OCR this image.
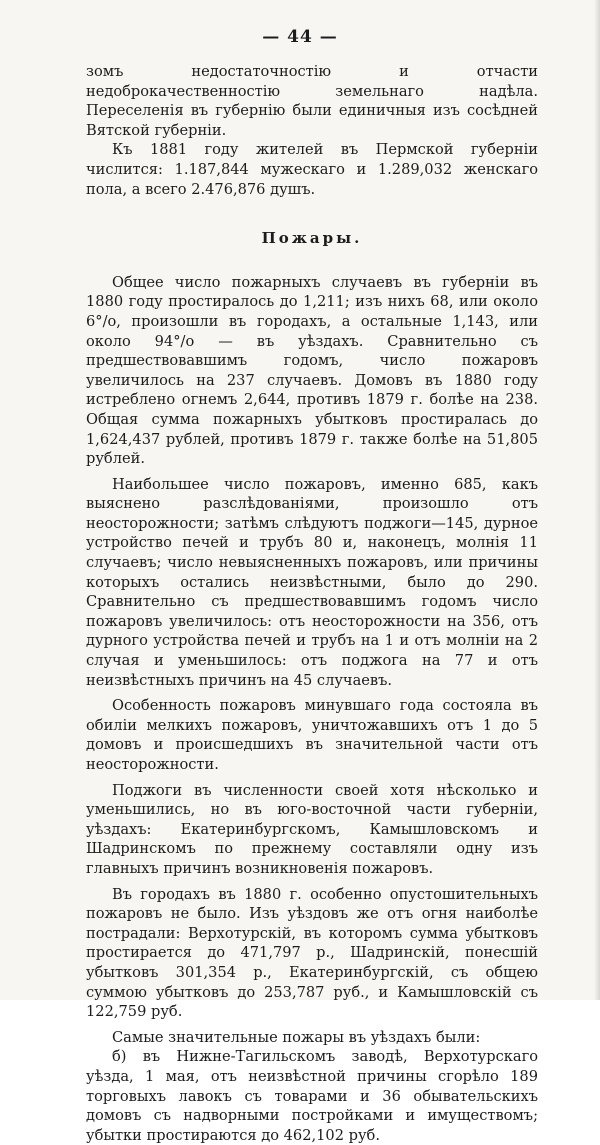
— 44 —

зомъ недостаточностію и отчасти недоброкачественностію земельнаго надѣла. Переселенія въ губернію были единичныя изъ сосѣдней Вятской губерніи.

Къ 1881 году жителей въ Пермской губерніи числится: 1.187,844 мужескаго и 1.289,032 женскаго пола, а всего 2.476,876 душъ.

Пожары.

Общее число пожарныхъ случаевъ въ губерніи въ 1880 году простиралось до 1,211; изъ нихъ 68, или около 6°/о, произошли въ городахъ, а остальные 1,143, или около 94°/о — въ уѣздахъ. Сравнительно съ предшествовавшимъ годомъ, число пожаровъ увеличилось на 237 случаевъ. Домовъ въ 1880 году истреблено огнемъ 2,644, противъ 1879 г. болѣе на 238. Общая сумма пожарныхъ убытковъ простиралась до 1,624,437 рублей, противъ 1879 г. также болѣе на 51,805 рублей.

Наибольшее число пожаровъ, именно 685, какъ выяснено разслѣдованіями, произошло отъ неосторожности; затѣмъ слѣдуютъ поджоги—145, дурное устройство печей и трубъ 80 и, наконецъ, молнія 11 случаевъ; число невыясненныхъ пожаровъ, или причины которыхъ остались неизвѣстными, было до 290. Сравнительно съ предшествовавшимъ годомъ число пожаровъ увеличилось: отъ неосторожности на 356, отъ дурного устройства печей и трубъ на 1 и отъ молніи на 2 случая и уменьшилось: отъ поджога на 77 и отъ неизвѣстныхъ причинъ на 45 случаевъ.

Особенность пожаровъ минувшаго года состояла въ обиліи мелкихъ пожаровъ, уничтожавшихъ отъ 1 до 5 домовъ и происшедшихъ въ значительной части отъ неосторожности.

Поджоги въ численности своей хотя нѣсколько и уменьшились, но въ юго-восточной части губерніи, уѣздахъ: Екатеринбургскомъ, Камышловскомъ и Шадринскомъ по прежнему составляли одну изъ главныхъ причинъ возникновенія пожаровъ.

Въ городахъ въ 1880 г. особенно опустошительныхъ пожаровъ не было. Изъ уѣздовъ же отъ огня наиболѣе пострадали: Верхотурскій, въ которомъ сумма убытковъ простирается до 471,797 р., Шадринскій, понесшій убытковъ 301,354 р., Екатеринбургскій, съ общею суммою убытковъ до 253,787 руб., и Камышловскій съ 122,759 руб.

Самые значительные пожары въ уѣздахъ были:

б) въ Нижне-Тагильскомъ заводѣ, Верхотурскаго уѣзда, 1 мая, отъ неизвѣстной причины сгорѣло 189 торговыхъ лавокъ съ товарами и 36 обывательскихъ домовъ съ надворными постройками и имуществомъ; убытки простираются до 462,102 руб.
